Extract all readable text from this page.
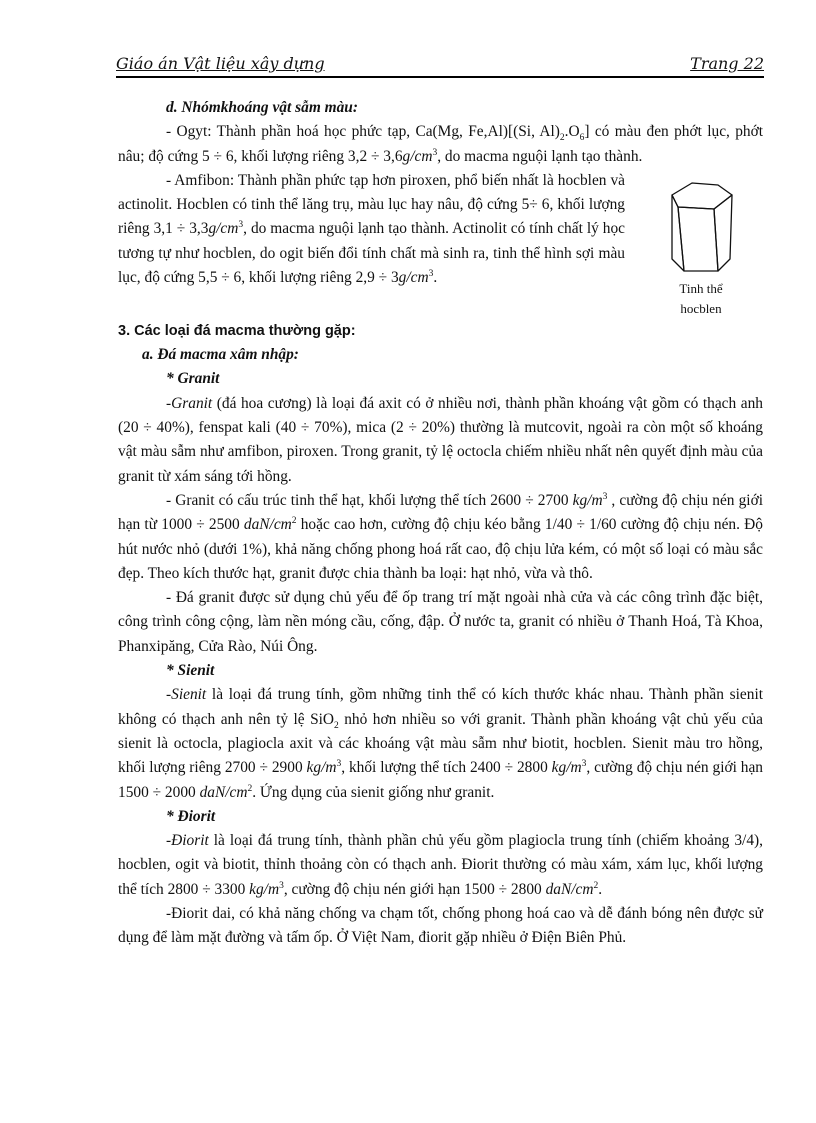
Giáo án Vật liệu xây dựng	Trang 22

d. Nhómkhoáng vật sẫm màu:

- Ogyt: Thành phần hoá học phức tạp, Ca(Mg, Fe,Al)[(Si, $Al)_2.O_6$] có màu đen phớt lục, phớt nâu; độ cứng 5 ÷ 6, khối lượng riêng $3,2 \div 3,6g/cm^3$, do macma nguội lạnh tạo thành.

Tinh thể
hocblen

- Amfibon: Thành phần phức tạp hơn piroxen, phổ biến nhất là hocblen và actinolit. Hocblen có tinh thể lăng trụ, màu lục hay nâu, độ cứng 5÷ 6, khối lượng riêng $3,1 \div 3,3g/cm^3$, do macma nguội lạnh tạo thành. Actinolit có tính chất lý học tương tự như hocblen, do ogit biến đổi tính chất mà sinh ra, tinh thể hình sợi màu lục, độ cứng 5,5 ÷ 6, khối lượng riêng $2,9 \div 3g/cm^3$.

3. Các loại đá macma thường gặp:

a. Đá macma xâm nhập:

* Granit

-Granit (đá hoa cương) là loại đá axit có ở nhiều nơi, thành phần khoáng vật gồm có thạch anh (20 ÷ 40%), fenspat kali (40 ÷ 70%), mica (2 ÷ 20%) thường là mutcovit, ngoài ra còn một số khoáng vật màu sẫm như amfibon, piroxen. Trong granit, tỷ lệ octocla chiếm nhiều nhất nên quyết định màu của granit từ xám sáng tới hồng.

- Granit có cấu trúc tinh thể hạt, khối lượng thể tích 2600 ÷ 2700 $kg/m^3$ , cường độ chịu nén giới hạn từ 1000 ÷ 2500 daN/$cm^2$ hoặc cao hơn, cường độ chịu kéo bằng 1/40 ÷ 1/60 cường độ chịu nén. Độ hút nước nhỏ (dưới 1%), khả năng chống phong hoá rất cao, độ chịu lửa kém, có một số loại có màu sắc đẹp. Theo kích thước hạt, granit được chia thành ba loại: hạt nhỏ, vừa và thô.

- Đá granit được sử dụng chủ yếu để ốp trang trí mặt ngoài nhà cửa và các công trình đặc biệt, công trình công cộng, làm nền móng cầu, cống, đập. Ở nước ta, granit có nhiều ở Thanh Hoá, Tà Khoa, Phanxipăng, Cửa Rào, Núi Ông.

* Sienit

-Sienit là loại đá trung tính, gồm những tinh thể có kích thước khác nhau. Thành phần sienit không có thạch anh nên tỷ lệ SiO$_2$ nhỏ hơn nhiều so với granit. Thành phần khoáng vật chủ yếu của sienit là octocla, plagiocla axit và các khoáng vật màu sẫm như biotit, hocblen. Sienit màu tro hồng, khối lượng riêng 2700 ÷ 2900 $kg/m^3$, khối lượng thể tích 2400 ÷ 2800 $kg/m^3$, cường độ chịu nén giới hạn 1500 ÷ 2000 daN/$cm^2$. Ứng dụng của sienit giống như granit.

* Điorit

-Điorit là loại đá trung tính, thành phần chủ yếu gồm plagiocla trung tính (chiếm khoảng 3/4), hocblen, ogit và biotit, thỉnh thoảng còn có thạch anh. Điorit thường có màu xám, xám lục, khối lượng thể tích 2800 ÷ 3300 $kg/m^3$, cường độ chịu nén giới hạn 1500 ÷ 2800 daN/$cm^2$.

-Điorit dai, có khả năng chống va chạm tốt, chống phong hoá cao và dễ đánh bóng nên được sử dụng để làm mặt đường và tấm ốp. Ở Việt Nam, điorit gặp nhiều ở Điện Biên Phủ.
